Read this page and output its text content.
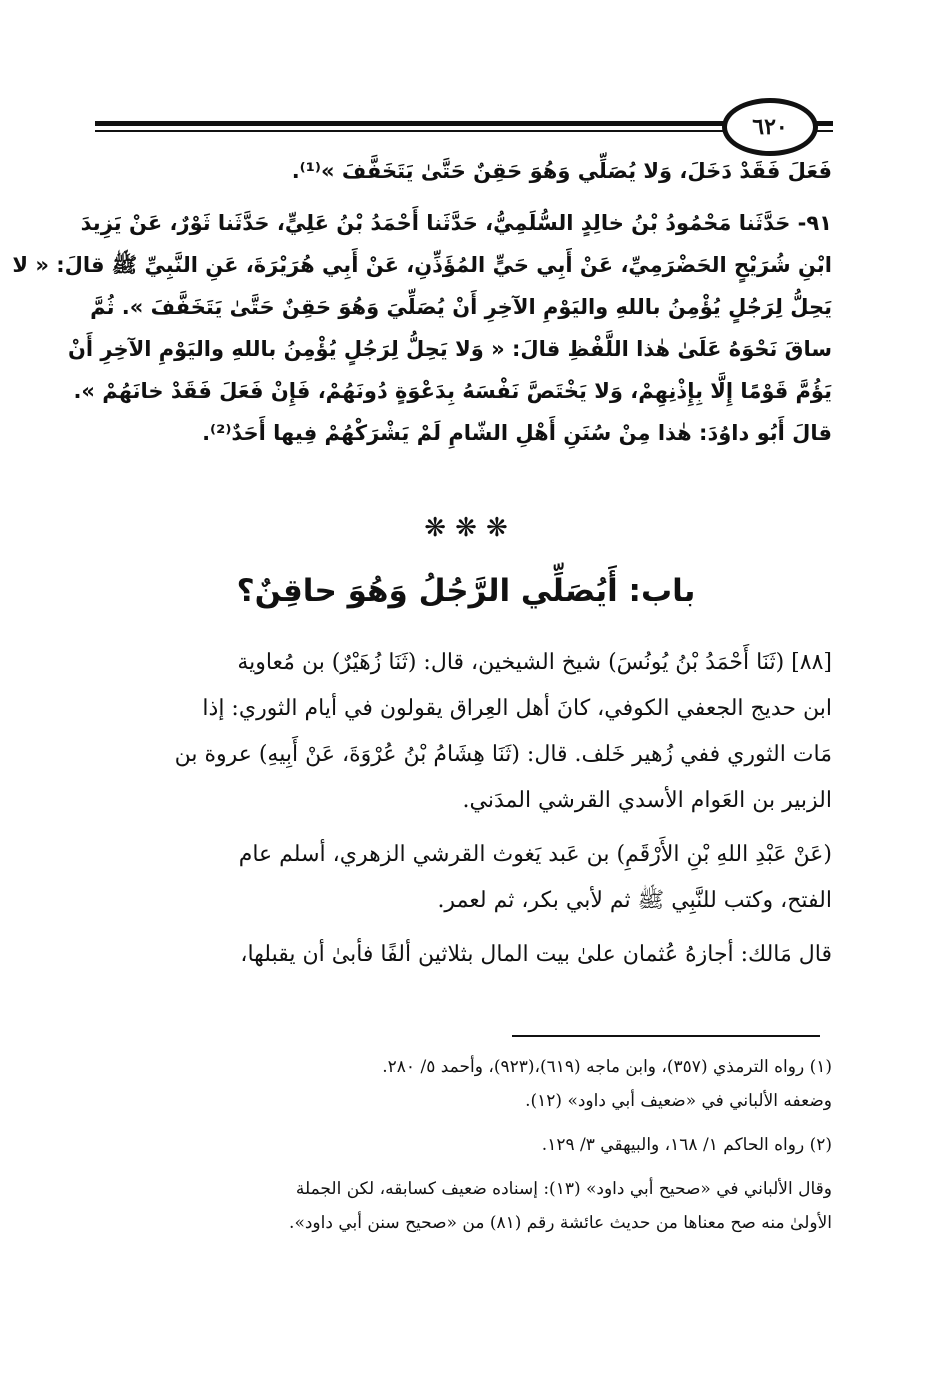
٦٢٠
فَعَلَ فَقَدْ دَخَلَ، وَلا يُصَلِّي وَهُوَ حَقِنٌ حَتَّىٰ يَتَخَفَّفَ »⁽¹⁾.
٩١- حَدَّثَنا مَحْمُودُ بْنُ خالِدٍ السُّلَمِيُّ، حَدَّثَنا أَحْمَدُ بْنُ عَلِيٍّ، حَدَّثَنا ثَوْرٌ، عَنْ يَزِيدَ
ابْنِ شُرَيْحٍ الحَضْرَمِيِّ، عَنْ أَبِي حَيٍّ المُؤَذِّنِ، عَنْ أَبِي هُرَيْرَةَ، عَنِ النَّبِيِّ ﷺ قالَ: « لا
يَحِلُّ لِرَجُلٍ يُؤْمِنُ باللهِ واليَوْمِ الآخِرِ أَنْ يُصَلِّيَ وَهُوَ حَقِنٌ حَتَّىٰ يَتَخَفَّفَ ». ثُمَّ
ساقَ نَحْوَهُ عَلَىٰ هٰذا اللَّفْظِ قالَ: « وَلا يَحِلُّ لِرَجُلٍ يُؤْمِنُ باللهِ واليَوْمِ الآخِرِ أَنْ
يَؤُمَّ قَوْمًا إِلَّا بِإِذْنِهِمْ، وَلا يَخْتَصَّ نَفْسَهُ بِدَعْوَةٍ دُونَهُمْ، فَإِنْ فَعَلَ فَقَدْ خانَهُمْ ».
قالَ أَبُو داوُدَ: هٰذا مِنْ سُنَنِ أَهْلِ الشّامِ لَمْ يَشْرَكْهُمْ فِيها أَحَدٌ⁽²⁾.
❋ ❋ ❋
باب: أَيُصَلِّي الرَّجُلُ وَهُوَ حاقِنٌ؟
[٨٨] (ثَنَا أَحْمَدُ بْنُ يُونُسَ) شيخ الشيخين، قال: (ثَنَا زُهَيْرٌ) بن مُعاوية
ابن حديج الجعفي الكوفي، كانَ أهل العِراق يقولون في أيام الثوري: إذا
مَات الثوري ففي زُهير خَلف. قال: (ثَنَا هِشَامُ بْنُ عُرْوَةَ، عَنْ أَبِيهِ) عروة بن
الزبير بن العَوام الأسدي القرشي المدَني.
(عَنْ عَبْدِ اللهِ بْنِ الأَرْقَمِ) بن عَبد يَغوث القرشي الزهري، أسلم عام
الفتح، وكتب للنَّبِي ﷺ ثم لأبي بكر، ثم لعمر.
قال مَالك: أجازهُ عُثمان علىٰ بيت المال بثلاثين ألفًا فأبىٰ أن يقبلها،
(١) رواه الترمذي (٣٥٧)، وابن ماجه (٦١٩)،(٩٢٣)، وأحمد ٥/ ٢٨٠.
وضعفه الألباني في «ضعيف أبي داود» (١٢).
(٢) رواه الحاكم ١/ ١٦٨، والبيهقي ٣/ ١٢٩.
وقال الألباني في «صحيح أبي داود» (١٣): إسناده ضعيف كسابقه، لكن الجملة
الأولىٰ منه صح معناها من حديث عائشة رقم (٨١) من «صحيح سنن أبي داود».
